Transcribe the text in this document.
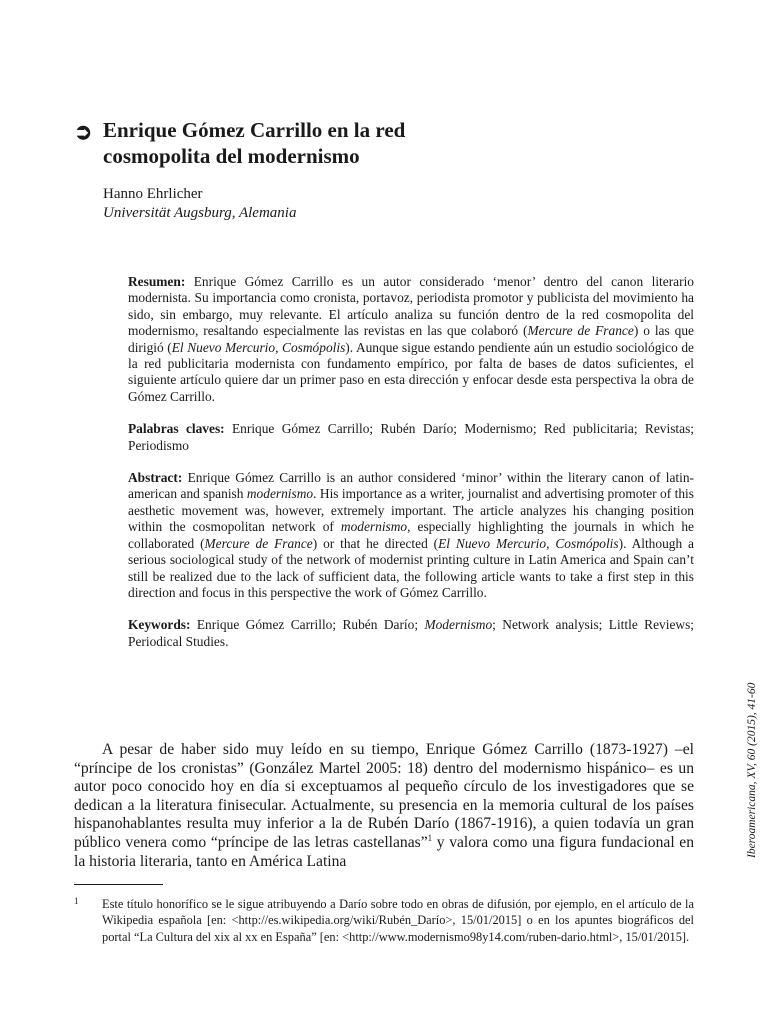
➲ Enrique Gómez Carrillo en la red
cosmopolita del modernismo
Hanno Ehrlicher
Universität Augsburg, Alemania

Resumen: Enrique Gómez Carrillo es un autor considerado ‘menor’ dentro del canon literario modernista. Su importancia como cronista, portavoz, periodista promotor y publicista del movimiento ha sido, sin embargo, muy relevante. El artículo analiza su función dentro de la red cosmopolita del modernismo, resaltando especialmente las revistas en las que colaboró (Mercure de France) o las que dirigió (El Nuevo Mercurio, Cosmópolis). Aunque sigue estando pendiente aún un estudio sociológico de la red publicitaria modernista con fundamento empírico, por falta de bases de datos suficientes, el siguiente artículo quiere dar un primer paso en esta dirección y enfocar desde esta perspectiva la obra de Gómez Carrillo.

Palabras claves: Enrique Gómez Carrillo; Rubén Darío; Modernismo; Red publicitaria; Revistas; Periodismo

Abstract: Enrique Gómez Carrillo is an author considered ‘minor’ within the literary canon of latin-american and spanish modernismo. His importance as a writer, journalist and advertising promoter of this aesthetic movement was, however, extremely important. The article analyzes his changing position within the cosmopolitan network of modernismo, especially highlighting the journals in which he collaborated (Mercure de France) or that he directed (El Nuevo Mercurio, Cosmópolis). Although a serious sociological study of the network of modernist printing culture in Latin America and Spain can’t still be realized due to the lack of sufficient data, the following article wants to take a first step in this direction and focus in this perspective the work of Gómez Carrillo.

Keywords: Enrique Gómez Carrillo; Rubén Darío; Modernismo; Network analysis; Little Reviews; Periodical Studies.

A pesar de haber sido muy leído en su tiempo, Enrique Gómez Carrillo (1873-1927) –el “príncipe de los cronistas” (González Martel 2005: 18) dentro del modernismo hispánico– es un autor poco conocido hoy en día si exceptuamos al pequeño círculo de los investigadores que se dedican a la literatura finisecular. Actualmente, su presencia en la memoria cultural de los países hispanohablantes resulta muy inferior a la de Rubén Darío (1867-1916), a quien todavía un gran público venera como “príncipe de las letras castellanas”$^1$ y valora como una figura fundacional en la historia literaria, tanto en América Latina

1 Este título honorífico se le sigue atribuyendo a Darío sobre todo en obras de difusión, por ejemplo, en el artículo de la Wikipedia española [en: <http://es.wikipedia.org/wiki/Rubén_Darío>, 15/01/2015] o en los apuntes biográficos del portal “La Cultura del xix al xx en España” [en: <http://www.modernismo98y14.com/ruben-dario.html>, 15/01/2015].
Iberoamericana, XV, 60 (2015), 41-60
